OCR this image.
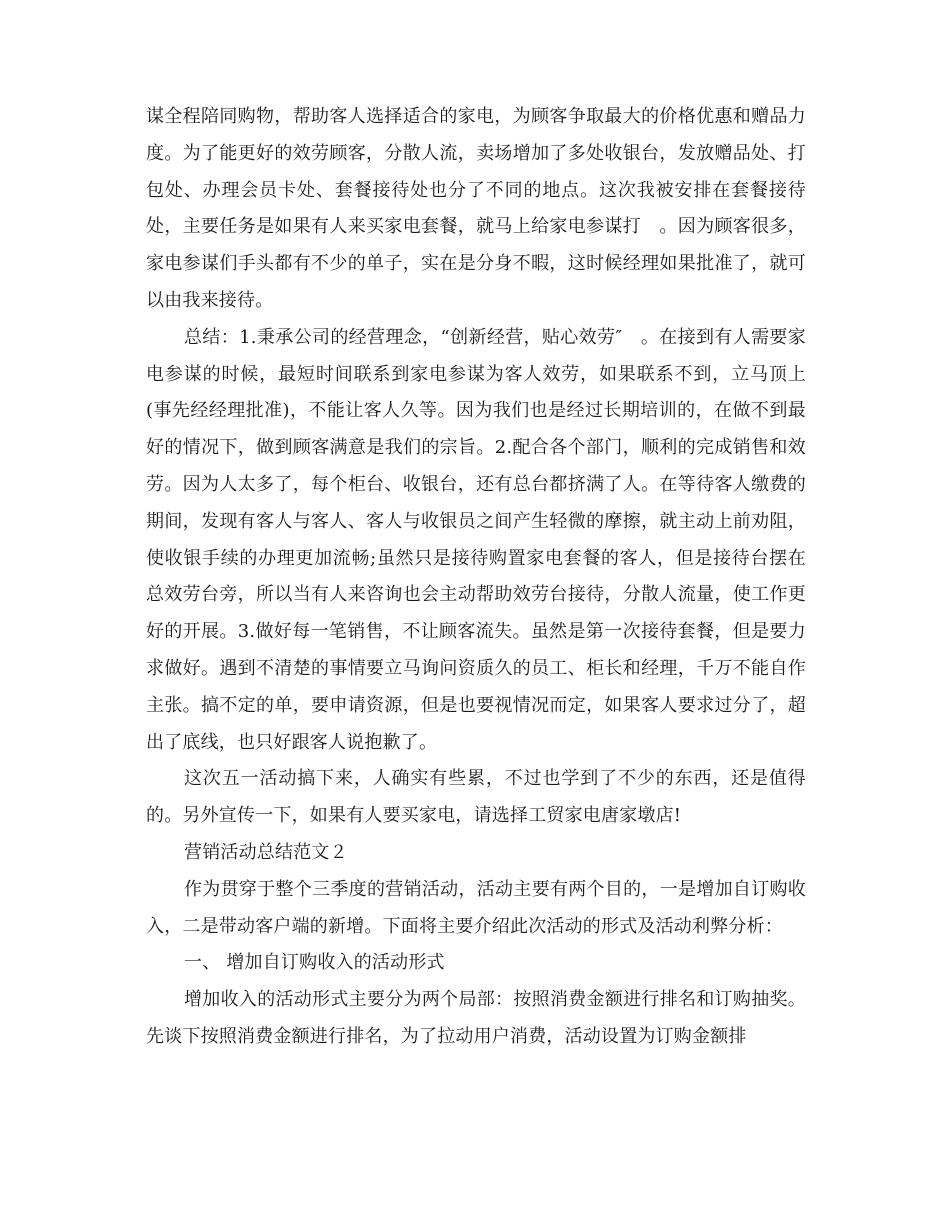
谋全程陪同购物，帮助客人选择适合的家电，为顾客争取最大的价格优惠和赠品力度。为了能更好的效劳顾客，分散人流，卖场增加了多处收银台，发放赠品处、打包处、办理会员卡处、套餐接待处也分了不同的地点。这次我被安排在套餐接待处，主要任务是如果有人来买家电套餐，就马上给家电参谋打　。因为顾客很多，家电参谋们手头都有不少的单子，实在是分身不暇，这时候经理如果批准了，就可以由我来接待。

总结：1.秉承公司的经营理念，“创新经营，贴心效劳″　。在接到有人需要家电参谋的时候，最短时间联系到家电参谋为客人效劳，如果联系不到，立马顶上(事先经经理批准)，不能让客人久等。因为我们也是经过长期培训的，在做不到最好的情况下，做到顾客满意是我们的宗旨。2.配合各个部门，顺利的完成销售和效劳。因为人太多了，每个柜台、收银台，还有总台都挤满了人。在等待客人缴费的期间，发现有客人与客人、客人与收银员之间产生轻微的摩擦，就主动上前劝阻，使收银手续的办理更加流畅;虽然只是接待购置家电套餐的客人，但是接待台摆在总效劳台旁，所以当有人来咨询也会主动帮助效劳台接待，分散人流量，使工作更好的开展。3.做好每一笔销售，不让顾客流失。虽然是第一次接待套餐，但是要力求做好。遇到不清楚的事情要立马询问资质久的员工、柜长和经理，千万不能自作主张。搞不定的单，要申请资源，但是也要视情况而定，如果客人要求过分了，超出了底线，也只好跟客人说抱歉了。

这次五一活动搞下来，人确实有些累，不过也学到了不少的东西，还是值得的。另外宣传一下，如果有人要买家电，请选择工贸家电唐家墩店!

营销活动总结范文２

作为贯穿于整个三季度的营销活动，活动主要有两个目的，一是增加自订购收入，二是带动客户端的新增。下面将主要介绍此次活动的形式及活动利弊分析：

一、 增加自订购收入的活动形式

增加收入的活动形式主要分为两个局部：按照消费金额进行排名和订购抽奖。先谈下按照消费金额进行排名，为了拉动用户消费，活动设置为订购金额排
